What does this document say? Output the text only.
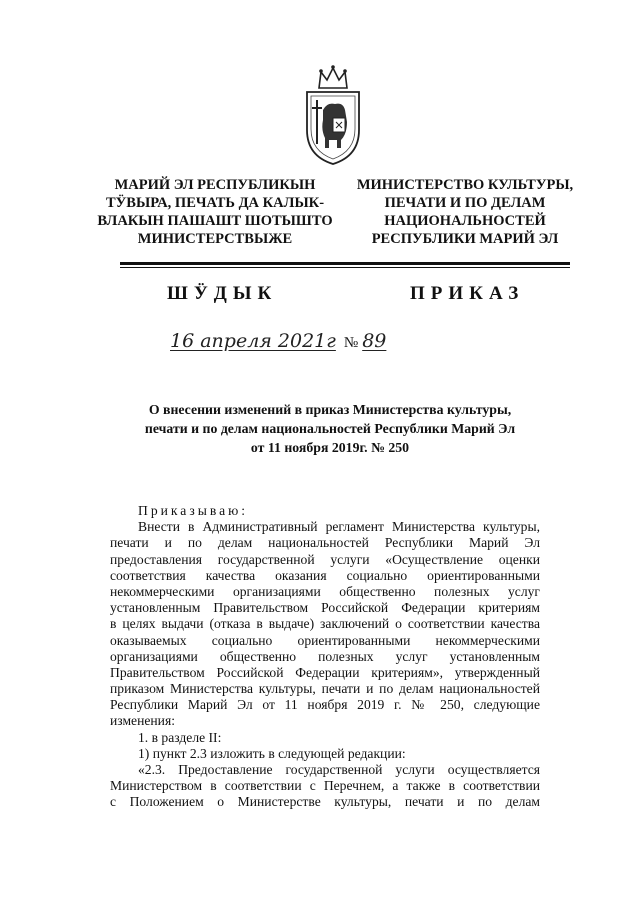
МАРИЙ ЭЛ РЕСПУБЛИКЫН
ТӰВЫРА, ПЕЧАТЬ ДА КАЛЫК-
ВЛАКЫН ПАШАШТ ШОТЫШТО
МИНИСТЕРСТВЫЖЕ
МИНИСТЕРСТВО КУЛЬТУРЫ,
ПЕЧАТИ И ПО ДЕЛАМ
НАЦИОНАЛЬНОСТЕЙ
РЕСПУБЛИКИ МАРИЙ ЭЛ
ШӰДЫК	ПРИКАЗ
16 апреля 2021г № 89
О внесении изменений в приказ Министерства культуры,
печати и по делам национальностей Республики Марий Эл
от 11 ноября 2019г. № 250
Приказываю:
Внести в Административный регламент Министерства культуры,
печати и по делам национальностей Республики Марий Эл
предоставления государственной услуги «Осуществление оценки
соответствия качества оказания социально ориентированными
некоммерческими организациями общественно полезных услуг
установленным Правительством Российской Федерации критериям
в целях выдачи (отказа в выдаче) заключений о соответствии качества
оказываемых социально ориентированными некоммерческими
организациями общественно полезных услуг установленным
Правительством Российской Федерации критериям», утвержденный
приказом Министерства культуры, печати и по делам национальностей
Республики Марий Эл от 11 ноября 2019 г. № 250, следующие
изменения:
1. в разделе II:
1) пункт 2.3 изложить в следующей редакции:
«2.3. Предоставление государственной услуги осуществляется
Министерством в соответствии с Перечнем, а также в соответствии
с Положением о Министерстве культуры, печати и по делам
